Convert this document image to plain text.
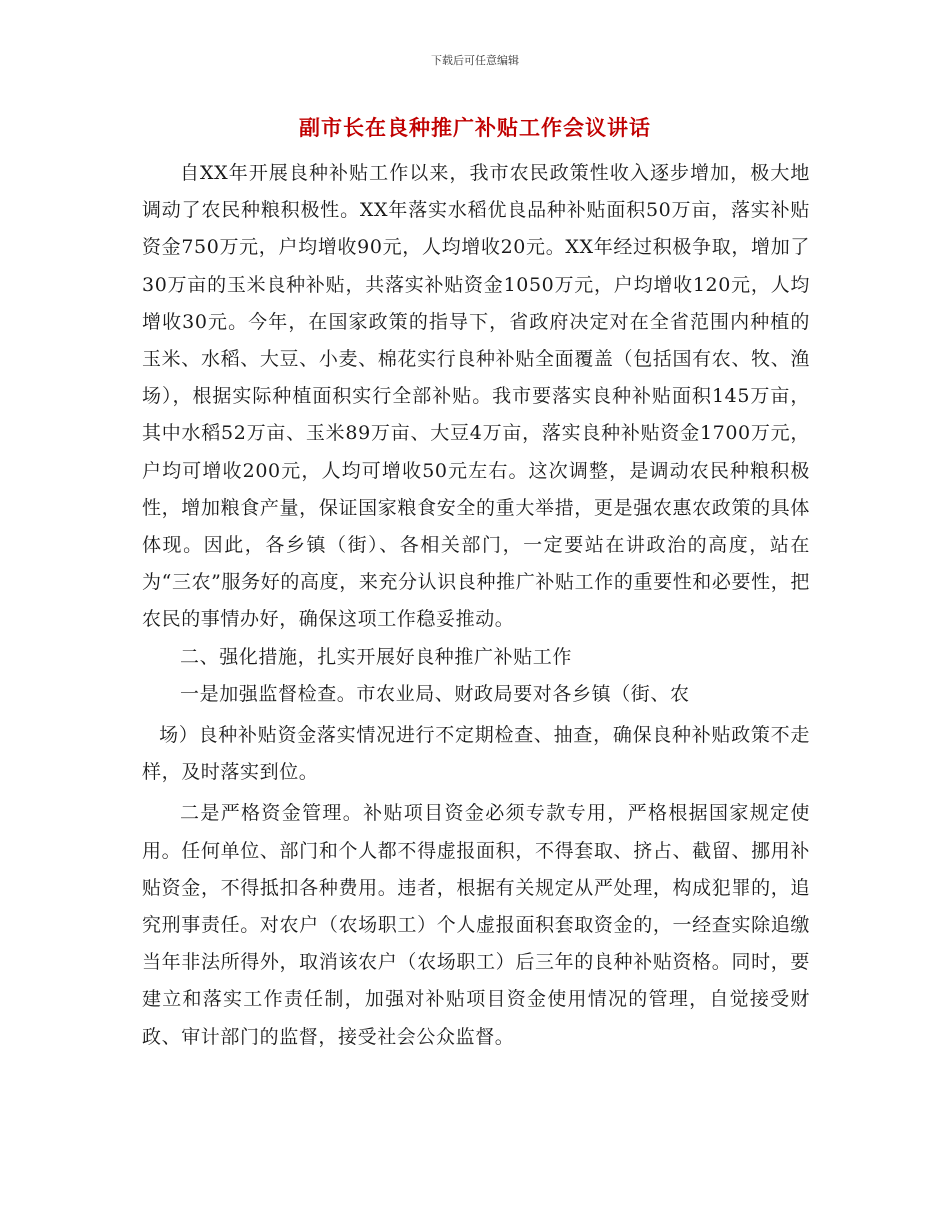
下载后可任意编辑
副市长在良种推广补贴工作会议讲话

自XX年开展良种补贴工作以来，我市农民政策性收入逐步增加，极大地调动了农民种粮积极性。XX年落实水稻优良品种补贴面积50万亩，落实补贴资金750万元，户均增收90元，人均增收20元。XX年经过积极争取，增加了30万亩的玉米良种补贴，共落实补贴资金1050万元，户均增收120元，人均增收30元。今年，在国家政策的指导下，省政府决定对在全省范围内种植的玉米、水稻、大豆、小麦、棉花实行良种补贴全面覆盖（包括国有农、牧、渔场），根据实际种植面积实行全部补贴。我市要落实良种补贴面积145万亩，其中水稻52万亩、玉米89万亩、大豆4万亩，落实良种补贴资金1700万元，户均可增收200元，人均可增收50元左右。这次调整，是调动农民种粮积极性，增加粮食产量，保证国家粮食安全的重大举措，更是强农惠农政策的具体体现。因此，各乡镇（街）、各相关部门，一定要站在讲政治的高度，站在为“三农”服务好的高度，来充分认识良种推广补贴工作的重要性和必要性，把农民的事情办好，确保这项工作稳妥推动。

二、强化措施，扎实开展好良种推广补贴工作

一是加强监督检查。市农业局、财政局要对各乡镇（街、农

场）良种补贴资金落实情况进行不定期检查、抽查，确保良种补贴政策不走样，及时落实到位。

二是严格资金管理。补贴项目资金必须专款专用，严格根据国家规定使用。任何单位、部门和个人都不得虚报面积，不得套取、挤占、截留、挪用补贴资金，不得抵扣各种费用。违者，根据有关规定从严处理，构成犯罪的，追究刑事责任。对农户（农场职工）个人虚报面积套取资金的，一经查实除追缴当年非法所得外，取消该农户（农场职工）后三年的良种补贴资格。同时，要建立和落实工作责任制，加强对补贴项目资金使用情况的管理，自觉接受财政、审计部门的监督，接受社会公众监督。
